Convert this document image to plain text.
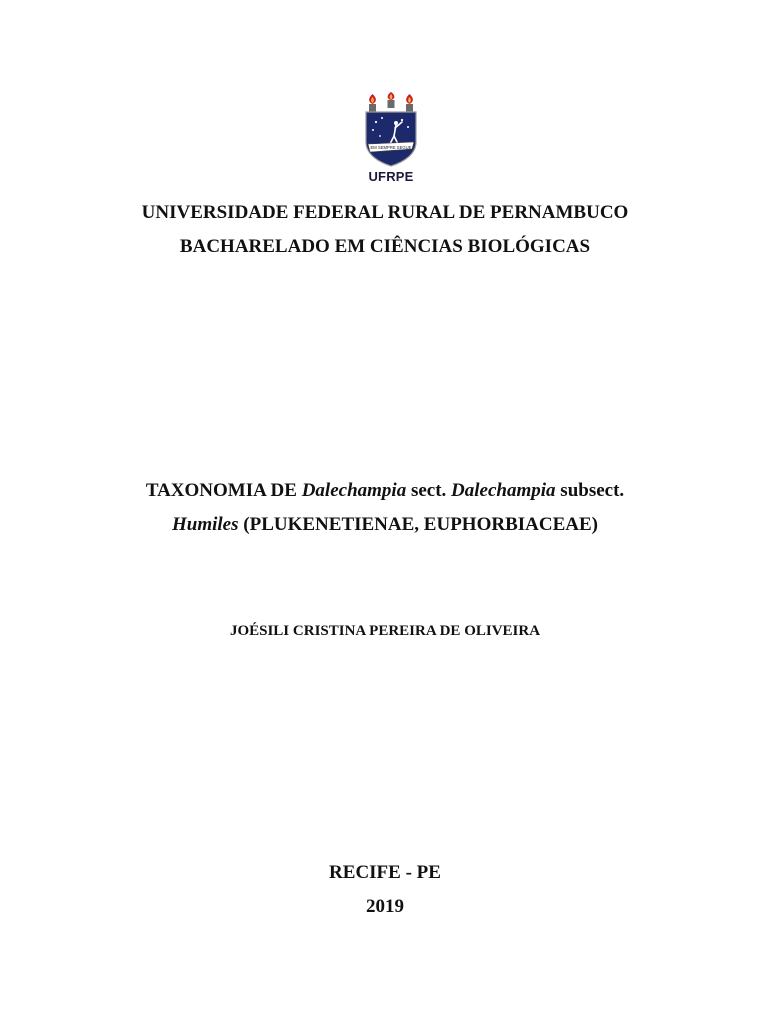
EM SEMPRE SEGUE
UFRPE
UNIVERSIDADE FEDERAL RURAL DE PERNAMBUCO
BACHARELADO EM CIÊNCIAS BIOLÓGICAS
TAXONOMIA DE Dalechampia sect. Dalechampia subsect.
Humiles (PLUKENETIENAE, EUPHORBIACEAE)
JOÉSILI CRISTINA PEREIRA DE OLIVEIRA
RECIFE - PE
2019
